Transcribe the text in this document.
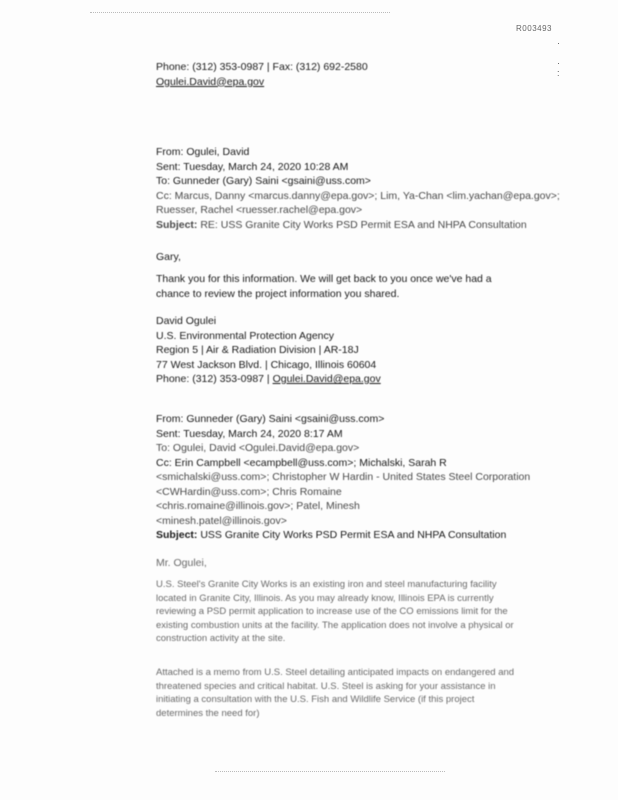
R003493
·

·
:
Phone: (312) 353-0987 | Fax: (312) 692-2580
Ogulei.David@epa.gov
From: Ogulei, David
Sent: Tuesday, March 24, 2020 10:28 AM
To: Gunneder (Gary) Saini <gsaini@uss.com>
Cc: Marcus, Danny <marcus.danny@epa.gov>; Lim, Ya-Chan <lim.yachan@epa.gov>;
Ruesser, Rachel <ruesser.rachel@epa.gov>
Subject: RE: USS Granite City Works PSD Permit ESA and NHPA Consultation
Gary,
Thank you for this information. We will get back to you once we've had a chance to review the project information you shared.
David Ogulei
U.S. Environmental Protection Agency
Region 5 | Air & Radiation Division | AR-18J
77 West Jackson Blvd. | Chicago, Illinois 60604
Phone: (312) 353-0987 | Ogulei.David@epa.gov
From: Gunneder (Gary) Saini <gsaini@uss.com>
Sent: Tuesday, March 24, 2020 8:17 AM
To: Ogulei, David <Ogulei.David@epa.gov>
Cc: Erin Campbell <ecampbell@uss.com>; Michalski, Sarah R
<smichalski@uss.com>; Christopher W Hardin - United States Steel Corporation
<CWHardin@uss.com>; Chris Romaine
<chris.romaine@illinois.gov>; Patel, Minesh
<minesh.patel@illinois.gov>
Subject: USS Granite City Works PSD Permit ESA and NHPA Consultation
Mr. Ogulei,
U.S. Steel's Granite City Works is an existing iron and steel manufacturing facility located in Granite City, Illinois. As you may already know, Illinois EPA is currently reviewing a PSD permit application to increase use of the CO emissions limit for the existing combustion units at the facility. The application does not involve a physical or construction activity at the site.
Attached is a memo from U.S. Steel detailing anticipated impacts on endangered and threatened species and critical habitat. U.S. Steel is asking for your assistance in initiating a consultation with the U.S. Fish and Wildlife Service (if this project determines the need for)
